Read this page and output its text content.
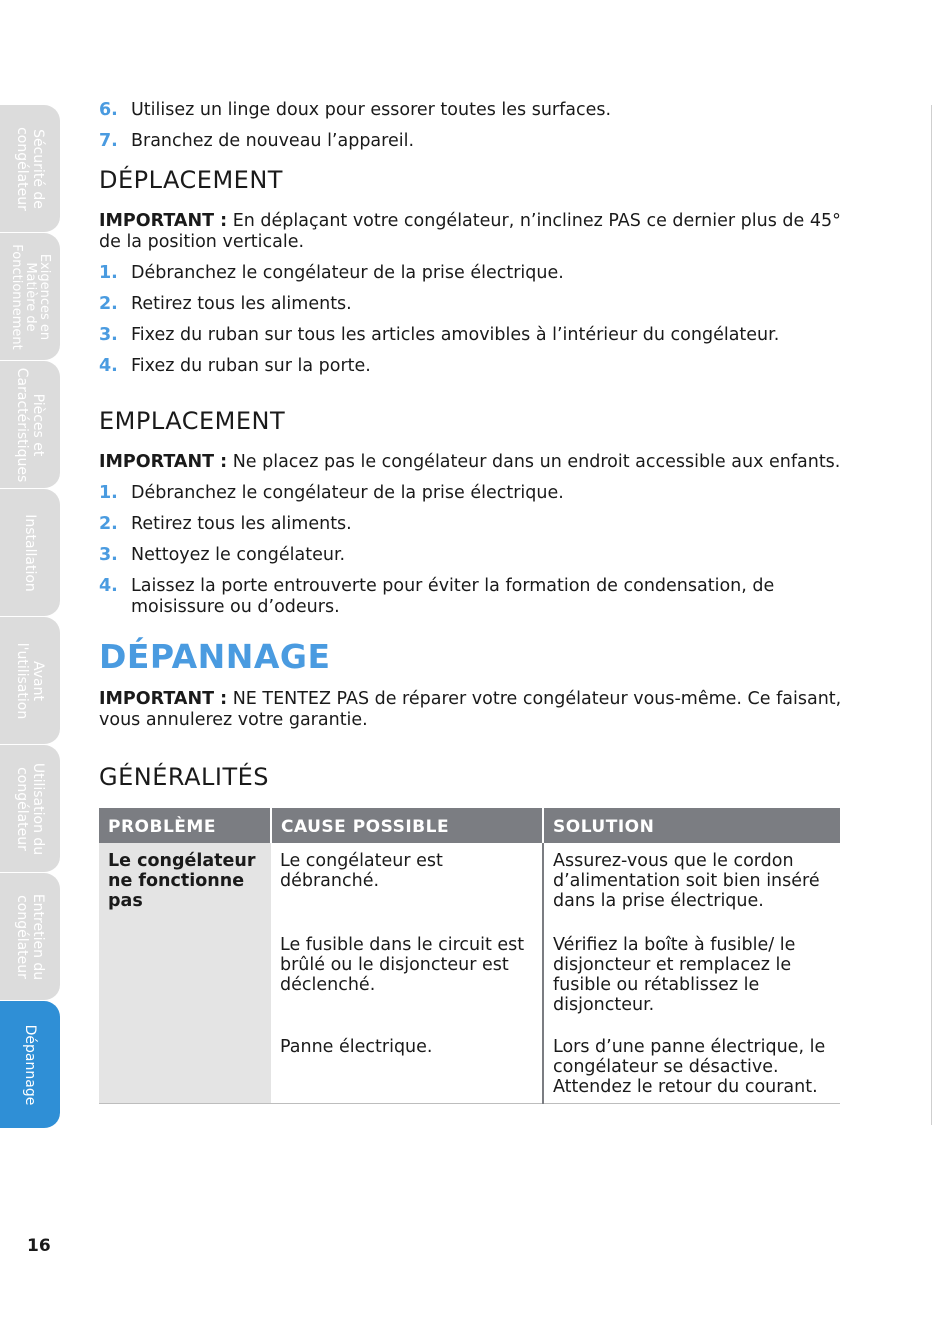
Sécurité de
congélateur
Exigences en
Matière de
Fonctionnement
Pièces et
Caractéristiques
Installation
Avant
l'utilisation
Utilisation du
congélateur
Entretien du
congélateur
Dépannage
6. Utilisez un linge doux pour essorer toutes les surfaces.
7. Branchez de nouveau l’appareil.
DÉPLACEMENT
IMPORTANT : En déplaçant votre congélateur, n’inclinez PAS ce dernier plus de 45° de la position verticale.
1. Débranchez le congélateur de la prise électrique.
2. Retirez tous les aliments.
3. Fixez du ruban sur tous les articles amovibles à l’intérieur du congélateur.
4. Fixez du ruban sur la porte.
EMPLACEMENT
IMPORTANT : Ne placez pas le congélateur dans un endroit accessible aux enfants.
1. Débranchez le congélateur de la prise électrique.
2. Retirez tous les aliments.
3. Nettoyez le congélateur.
4. Laissez la porte entrouverte pour éviter la formation de condensation, de moisissure ou d’odeurs.
DÉPANNAGE
IMPORTANT : NE TENTEZ PAS de réparer votre congélateur vous-même. Ce faisant, vous annulerez votre garantie.
GÉNÉRALITÉS
PROBLÈME	CAUSE POSSIBLE	SOLUTION
Le congélateur ne fonctionne pas	Le congélateur est débranché.	Assurez-vous que le cordon d’alimentation soit bien inséré dans la prise électrique.

	Le fusible dans le circuit est brûlé ou le disjoncteur est déclenché.	Vérifiez la boîte à fusible/ le disjoncteur et remplacez le fusible ou rétablissez le disjoncteur.

	Panne électrique.	Lors d’une panne électrique, le congélateur se désactive. Attendez le retour du courant.
16
